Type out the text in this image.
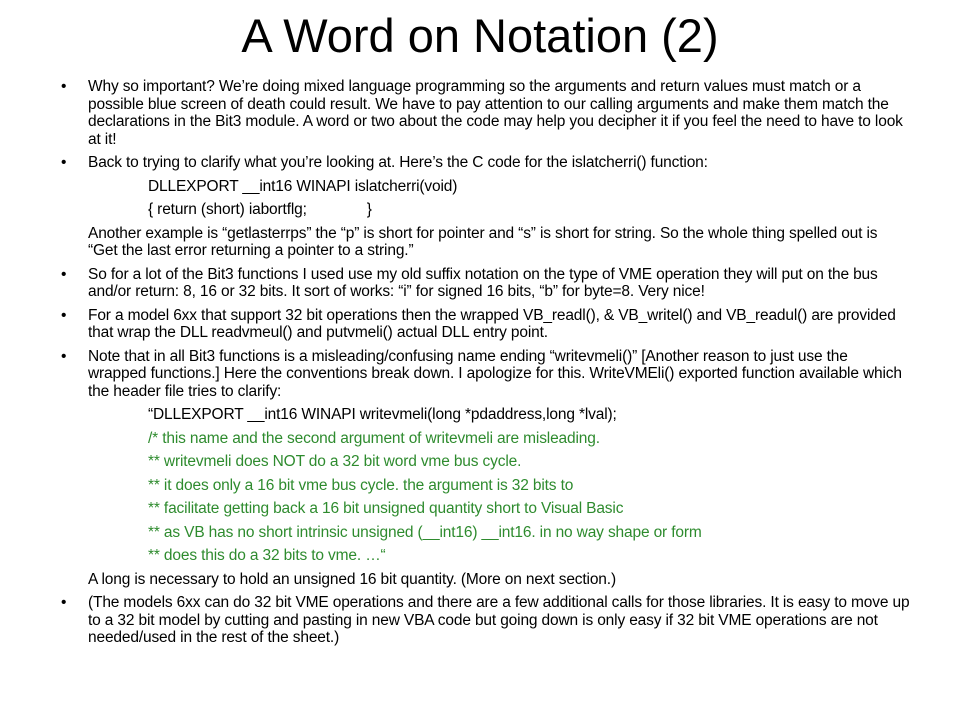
A Word on Notation (2)
• Why so important? We’re doing mixed language programming so the arguments and return values must match or a possible blue screen of death could result. We have to pay attention to our calling arguments and make them match the declarations in the Bit3 module. A word or two about the code may help you decipher it if you feel the need to have to look at it!
• Back to trying to clarify what you’re looking at. Here’s the C code for the islatcherri() function:
DLLEXPORT __int16 WINAPI islatcherri(void)
{ return (short) iabortflg;	}
Another example is “getlasterrps” the “p” is short for pointer and “s” is short for string. So the whole thing spelled out is “Get the last error returning a pointer to a string.”
• So for a lot of the Bit3 functions I used use my old suffix notation on the type of VME operation they will put on the bus and/or return: 8, 16 or 32 bits. It sort of works: “i” for signed 16 bits, “b” for byte=8. Very nice!
• For a model 6xx that support 32 bit operations then the wrapped VB_readl(), & VB_writel() and VB_readul() are provided that wrap the DLL readvmeul() and putvmeli() actual DLL entry point.
• Note that in all Bit3 functions is a misleading/confusing name ending “writevmeli()” [Another reason to just use the wrapped functions.] Here the conventions break down. I apologize for this. WriteVMEli() exported function available which the header file tries to clarify:
“DLLEXPORT __int16 WINAPI writevmeli(long *pdaddress,long *lval);
/* this name and the second argument of writevmeli are misleading.
** writevmeli does NOT do a 32 bit word vme bus cycle.
** it does only a 16 bit vme bus cycle. the argument is 32 bits to
** facilitate getting back a 16 bit unsigned quantity short to Visual Basic
** as VB has no short intrinsic unsigned (__int16) __int16. in no way shape or form
** does this do a 32 bits to vme. …“
A long is necessary to hold an unsigned 16 bit quantity. (More on next section.)
• (The models 6xx can do 32 bit VME operations and there are a few additional calls for those libraries. It is easy to move up to a 32 bit model by cutting and pasting in new VBA code but going down is only easy if 32 bit VME operations are not needed/used in the rest of the sheet.)
